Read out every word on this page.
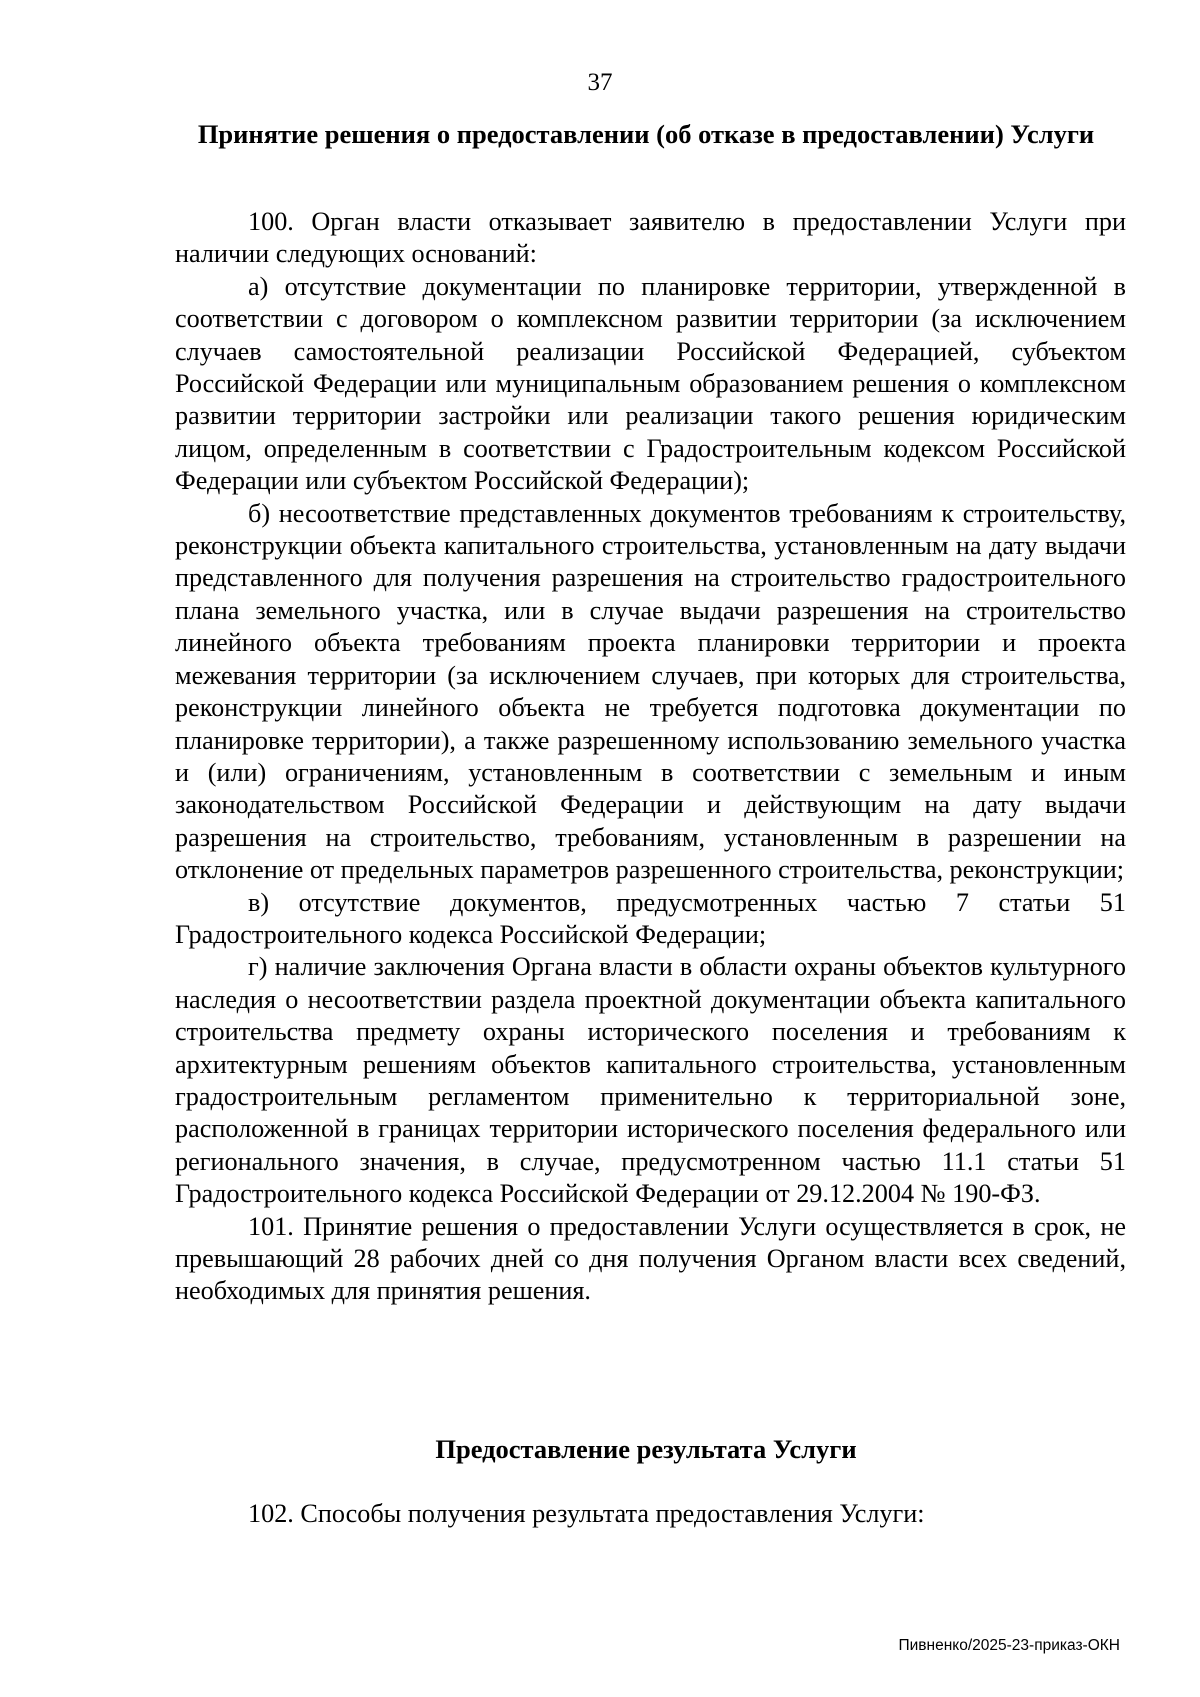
37
Принятие решения о предоставлении (об отказе в предоставлении) Услуги

100. Орган власти отказывает заявителю в предоставлении Услуги при наличии следующих оснований:

а) отсутствие документации по планировке территории, утвержденной в соответствии с договором о комплексном развитии территории (за исключением случаев самостоятельной реализации Российской Федерацией, субъектом Российской Федерации или муниципальным образованием решения о комплексном развитии территории застройки или реализации такого решения юридическим лицом, определенным в соответствии с Градостроительным кодексом Российской Федерации или субъектом Российской Федерации);

б) несоответствие представленных документов требованиям к строительству, реконструкции объекта капитального строительства, установленным на дату выдачи представленного для получения разрешения на строительство градостроительного плана земельного участка, или в случае выдачи разрешения на строительство линейного объекта требованиям проекта планировки территории и проекта межевания территории (за исключением случаев, при которых для строительства, реконструкции линейного объекта не требуется подготовка документации по планировке территории), а также разрешенному использованию земельного участка и (или) ограничениям, установленным в соответствии с земельным и иным законодательством Российской Федерации и действующим на дату выдачи разрешения на строительство, требованиям, установленным в разрешении на отклонение от предельных параметров разрешенного строительства, реконструкции;

в) отсутствие документов, предусмотренных частью 7 статьи 51 Градостроительного кодекса Российской Федерации;

г) наличие заключения Органа власти в области охраны объектов культурного наследия о несоответствии раздела проектной документации объекта капитального строительства предмету охраны исторического поселения и требованиям к архитектурным решениям объектов капитального строительства, установленным градостроительным регламентом применительно к территориальной зоне, расположенной в границах территории исторического поселения федерального или регионального значения, в случае, предусмотренном частью 11.1 статьи 51 Градостроительного кодекса Российской Федерации от 29.12.2004 № 190-ФЗ.

101. Принятие решения о предоставлении Услуги осуществляется в срок, не превышающий 28 рабочих дней со дня получения Органом власти всех сведений, необходимых для принятия решения.

Предоставление результата Услуги

102. Способы получения результата предоставления Услуги:

Пивненко/2025-23-приказ-ОКН
